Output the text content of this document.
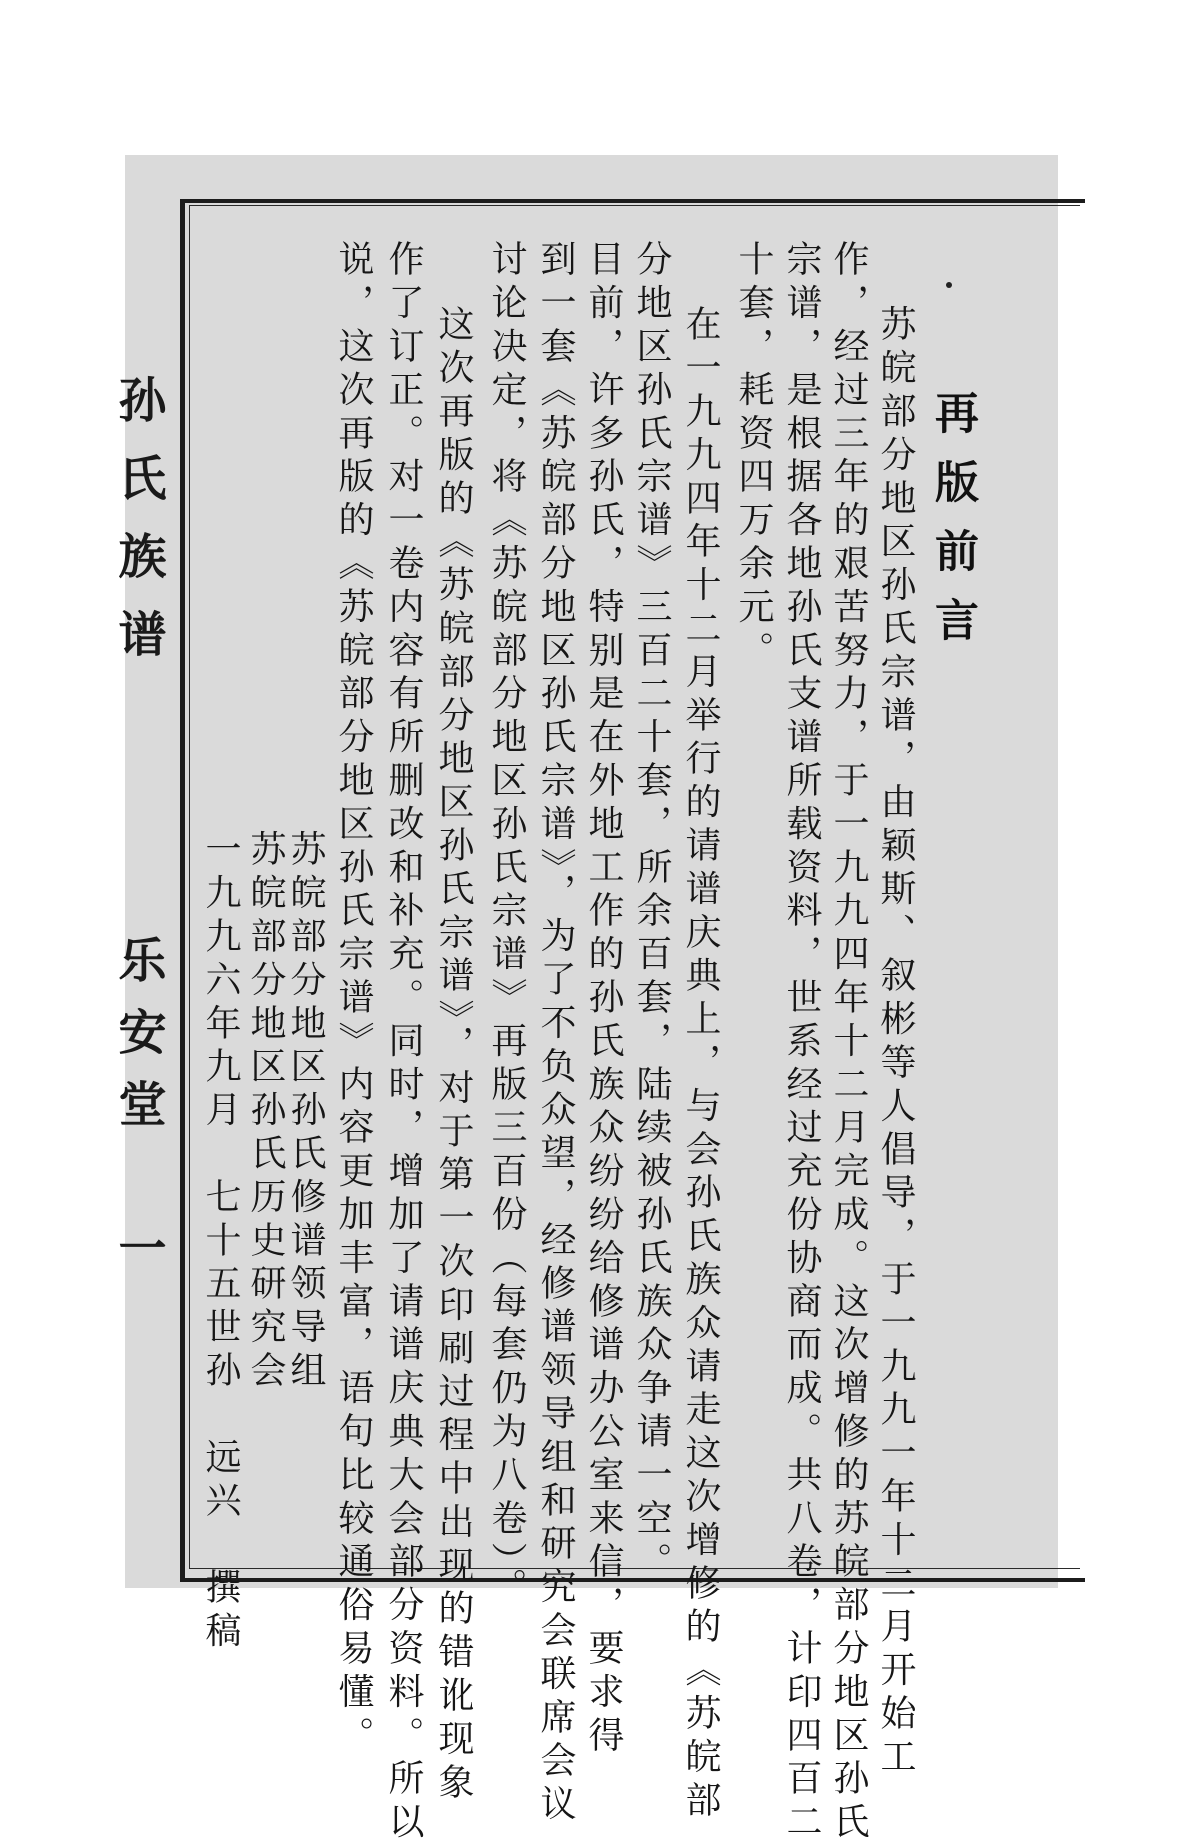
孙氏族谱
乐安堂　一
再版前言
苏皖部分地区孙氏宗谱，由颖斯、叙彬等人倡导，于一九九一年十二月开始工
作，经过三年的艰苦努力，于一九九四年十二月完成。这次增修的苏皖部分地区孙氏
宗谱，是根据各地孙氏支谱所载资料，世系经过充份协商而成。共八卷，计印四百二
十套，耗资四万余元。
在一九九四年十二月举行的请谱庆典上，与会孙氏族众请走这次增修的《苏皖部
分地区孙氏宗谱》三百二十套，所余百套，陆续被孙氏族众争请一空。
目前，许多孙氏，特别是在外地工作的孙氏族众纷纷给修谱办公室来信，要求得
到一套《苏皖部分地区孙氏宗谱》，为了不负众望，经修谱领导组和研究会联席会议
讨论决定，将《苏皖部分地区孙氏宗谱》再版三百份（每套仍为八卷）。
这次再版的《苏皖部分地区孙氏宗谱》，对于第一次印刷过程中出现的错讹现象
作了订正。对一卷内容有所删改和补充。同时，增加了请谱庆典大会部分资料。所以
说，这次再版的《苏皖部分地区孙氏宗谱》内容更加丰富，语句比较通俗易懂。
苏皖部分地区孙氏修谱领导组
苏皖部分地区孙氏历史研究会
一九九六年九月　七十五世孙　远兴　撰稿
